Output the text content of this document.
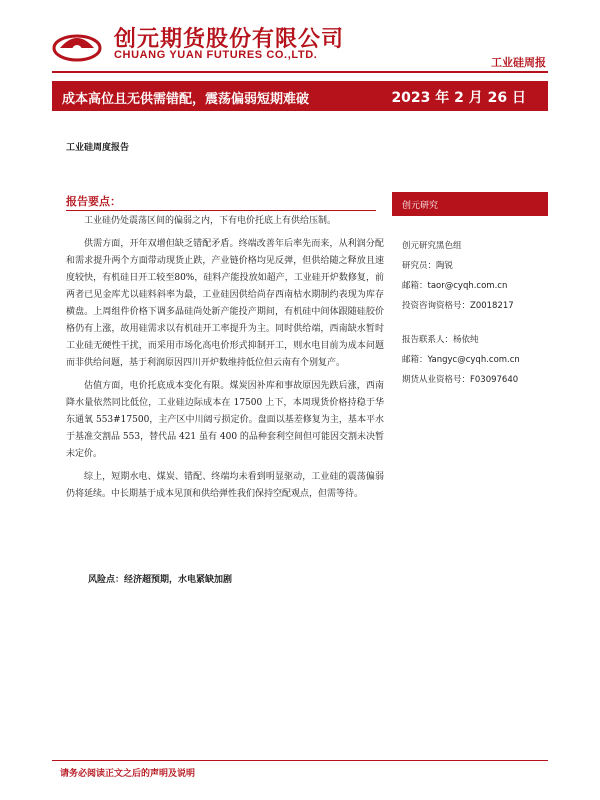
创元期货股份有限公司
CHUANG YUAN FUTURES CO.,LTD.
工业硅周报
成本高位且无供需错配，震荡偏弱短期难破	2023 年 2 月 26 日
工业硅周度报告
报告要点：

工业硅仍处震荡区间的偏弱之内，下有电价托底上有供给压制。

供需方面，开年双增但缺乏错配矛盾。终端改善年后率先而来，从利润分配和需求提升两个方面带动现货止跌，产业链价格均见反弹，但供给随之释放且速度较快，有机硅日开工较至80%，硅料产能投放如超产，工业硅开炉数修复，前两者已见金库尤以硅料斜率为最，工业硅因供给尚存西南枯水期制约表现为库存横盘。上周组件价格下调多晶硅尚处新产能投产期间，有机硅中间体跟随硅胶价格仍有上涨，故用硅需求以有机硅开工率提升为主。同时供给端，西南缺水暂时工业硅无硬性干扰，而采用市场化高电价形式抑制开工，则水电目前为成本问题而非供给问题，基于利润原因四川开炉数维持低位但云南有个别复产。

估值方面，电价托底成本变化有限。煤炭因补库和事故原因先跌后涨，西南降水量依然同比低位，工业硅边际成本在 17500 上下，本周现货价格持稳于华东通氧 553#17500，主产区中川阔亏损定价。盘面以基差修复为主，基本平水于基准交割品 553，替代品 421 虽有 400 的品种套利空间但可能因交割未决暂未定价。

综上，短期水电、煤炭、错配、终端均未看到明显驱动，工业硅的震荡偏弱仍将延续。中长期基于成本见顶和供给弹性我们保持空配观点，但需等待。

风险点：经济超预期，水电紧缺加剧
创元研究
创元研究黑色组
研究员：陶锐
邮箱：taor@cyqh.com.cn
投资咨询资格号：Z0018217
报告联系人：杨依纯
邮箱：Yangyc@cyqh.com.cn
期货从业资格号：F03097640
请务必阅读正文之后的声明及说明
